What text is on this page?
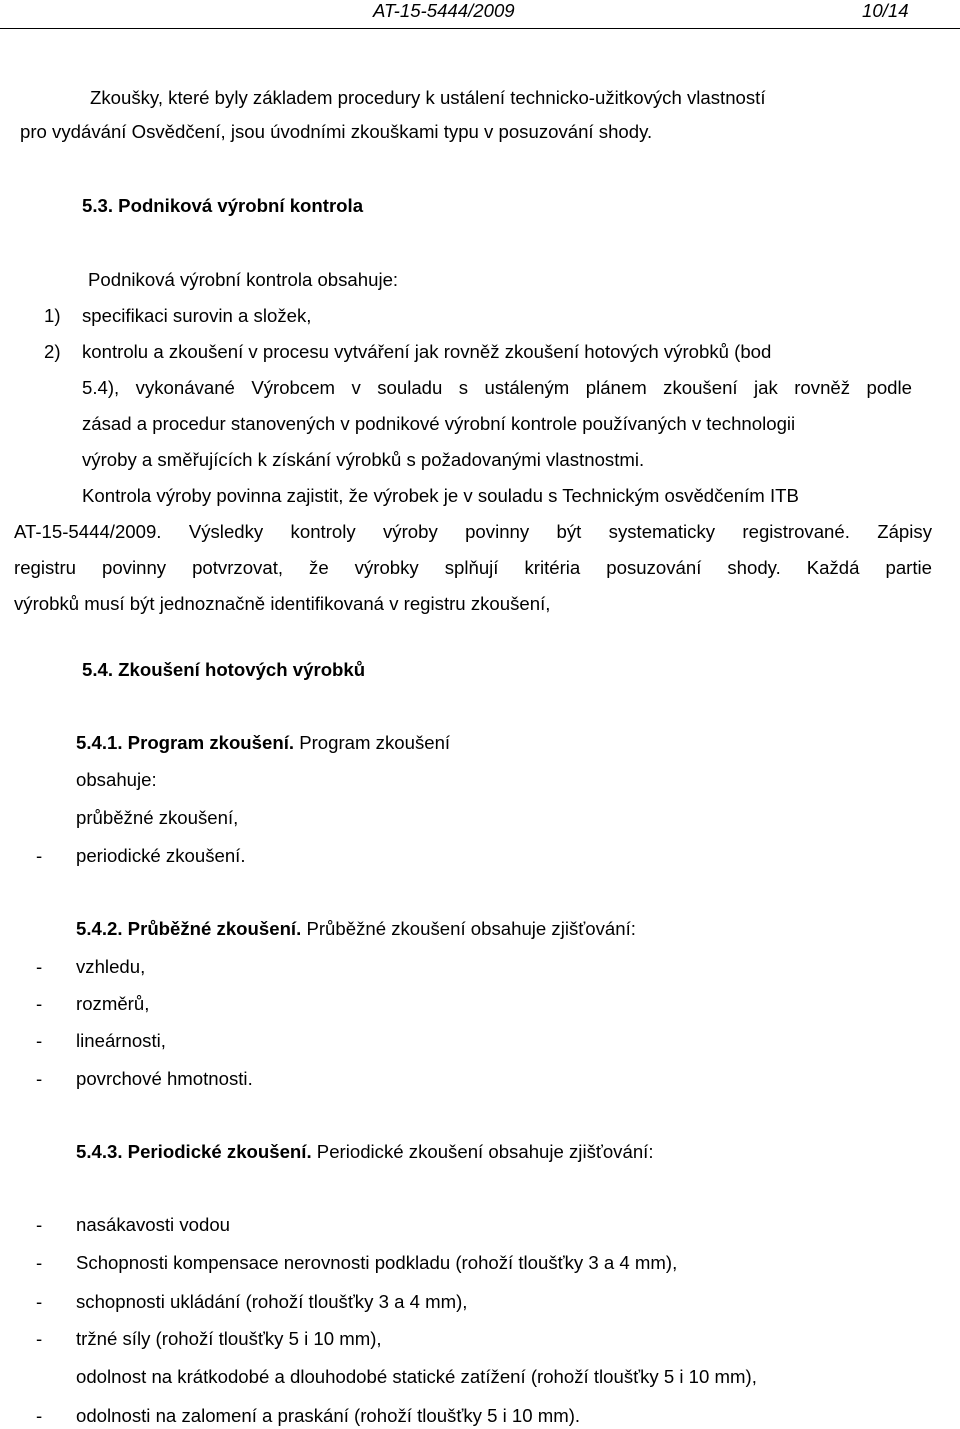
AT-15-5444/2009	10/14
Zkoušky, které byly základem procedury k ustálení technicko-užitkových vlastností
pro vydávání Osvědčení, jsou úvodními zkouškami typu v posuzování shody.
5.3. Podniková výrobní kontrola
Podniková výrobní kontrola obsahuje:
1) specifikaci surovin a složek,
2) kontrolu a zkoušení v procesu vytváření jak rovněž zkoušení hotových výrobků (bod
5.4), vykonávané Výrobcem v souladu s ustáleným plánem zkoušení jak rovněž podle
zásad a procedur stanovených v podnikové výrobní kontrole používaných v technologii
výroby a směřujících k získání výrobků s požadovanými vlastnostmi.
Kontrola výroby povinna zajistit, že výrobek je v souladu s Technickým osvědčením ITB
AT-15-5444/2009. Výsledky kontroly výroby povinny být systematicky registrované. Zápisy
registru povinny potvrzovat, že výrobky splňují kritéria posuzování shody. Každá partie
výrobků musí být jednoznačně identifikovaná v registru zkoušení,
5.4. Zkoušení hotových výrobků
5.4.1. Program zkoušení. Program zkoušení
obsahuje:
průběžné zkoušení,
-	periodické zkoušení.
5.4.2. Průběžné zkoušení. Průběžné zkoušení obsahuje zjišťování:
-	vzhledu,
-	rozměrů,
-	lineárnosti,
-	povrchové hmotnosti.
5.4.3. Periodické zkoušení. Periodické zkoušení obsahuje zjišťování:
-	nasákavosti vodou
-	Schopnosti kompensace nerovnosti podkladu (rohoží tloušťky 3 a 4 mm),
-	schopnosti ukládání (rohoží tloušťky 3 a 4 mm),
-	tržné síly (rohoží tloušťky 5 i 10 mm),
odolnost na krátkodobé a dlouhodobé statické zatížení (rohoží tloušťky 5 i 10 mm),
-	odolnosti na zalomení a praskání (rohoží tloušťky 5 i 10 mm).
